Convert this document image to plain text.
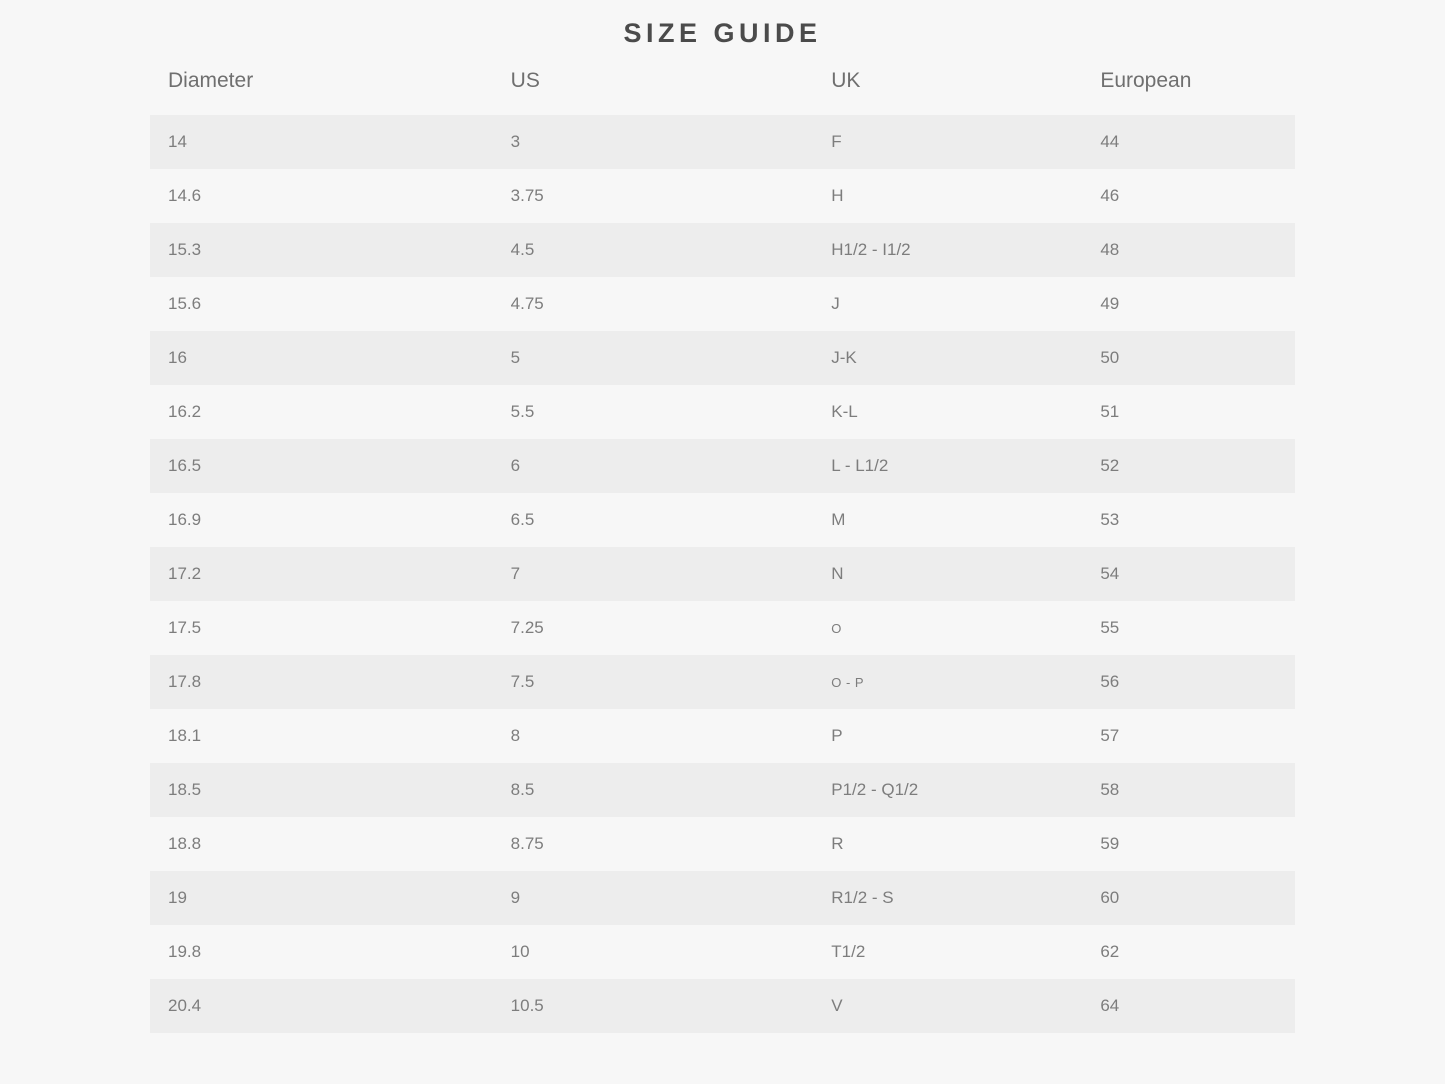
SIZE GUIDE
Diameter	US	UK	European
14	3	F	44
14.6	3.75	H	46
15.3	4.5	H1/2 - I1/2	48
15.6	4.75	J	49
16	5	J-K	50
16.2	5.5	K-L	51
16.5	6	L - L1/2	52
16.9	6.5	M	53
17.2	7	N	54
17.5	7.25	O	55
17.8	7.5	O - P	56
18.1	8	P	57
18.5	8.5	P1/2 - Q1/2	58
18.8	8.75	R	59
19	9	R1/2 - S	60
19.8	10	T1/2	62
20.4	10.5	V	64
